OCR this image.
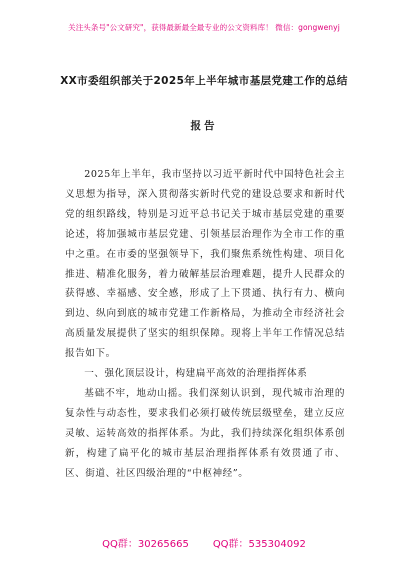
关注头条号"公文研究"，获得最新最全最专业的公文资料库！ 微信：gongwenyj
XX市委组织部关于2025年上半年城市基层党建工作的总结
报告

2025年上半年，我市坚持以习近平新时代中国特色社会主义思想为指导，深入贯彻落实新时代党的建设总要求和新时代党的组织路线，特别是习近平总书记关于城市基层党建的重要论述，将加强城市基层党建、引领基层治理作为全市工作的重中之重。在市委的坚强领导下，我们聚焦系统性构建、项目化推进、精准化服务，着力破解基层治理难题，提升人民群众的获得感、幸福感、安全感，形成了上下贯通、执行有力、横向到边、纵向到底的城市党建工作新格局，为推动全市经济社会高质量发展提供了坚实的组织保障。现将上半年工作情况总结报告如下。

一、强化顶层设计，构建扁平高效的治理指挥体系

基础不牢，地动山摇。我们深刻认识到，现代城市治理的复杂性与动态性，要求我们必须打破传统层级壁垒，建立反应灵敏、运转高效的指挥体系。为此，我们持续深化组织体系创新，构建了扁平化的城市基层治理指挥体系有效贯通了市、区、街道、社区四级治理的“中枢神经”。

QQ群：30265665 QQ群：535304092
